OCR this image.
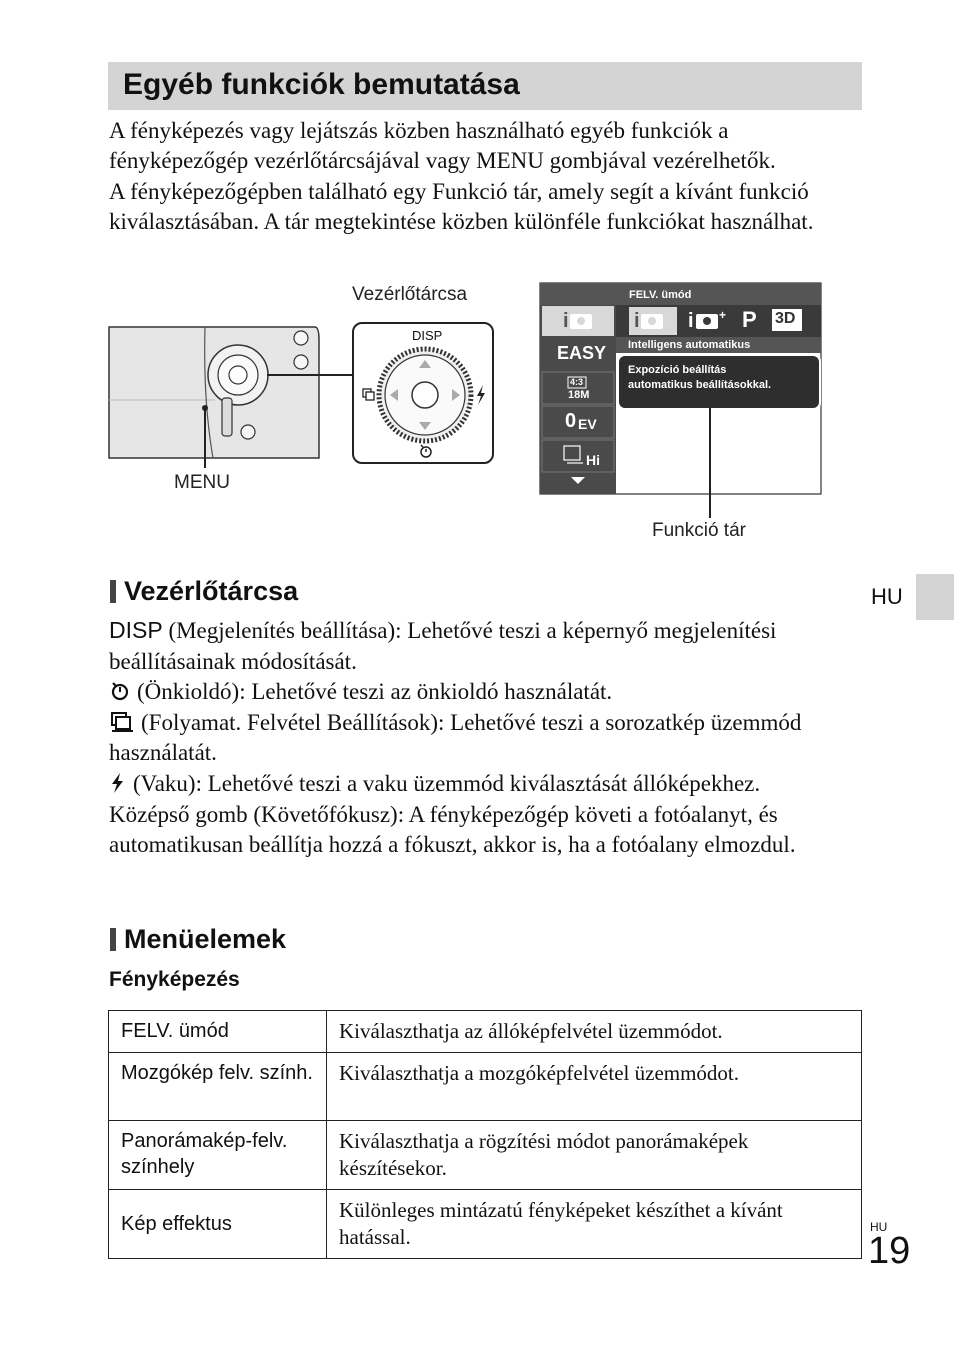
Egyéb funkciók bemutatása

A fényképezés vagy lejátszás közben használható egyéb funkciók a fényképezőgép vezérlőtárcsájával vagy MENU gombjával vezérelhetők.

A fényképezőgépben található egy Funkció tár, amely segít a kívánt funkció kiválasztásában. A tár megtekintése közben különféle funkciókat használhat.

Vezérlőtárcsa
MENU
Funkció tár
DISP
FELV. ümód
i	i i + P 3D
EASY
4:3
18M
0 EV
Hi
Intelligens automatikus
Expozíció beállítás
automatikus beállításokkal.
HU
Vezérlőtárcsa

DISP (Megjelenítés beállítása): Lehetővé teszi a képernyő megjelenítési beállításainak módosítását.

(Önkioldó): Lehetővé teszi az önkioldó használatát.

(Folyamat. Felvétel Beállítások): Lehetővé teszi a sorozatkép üzemmód használatát.

(Vaku): Lehetővé teszi a vaku üzemmód kiválasztását állóképekhez.

Középső gomb (Követőfókusz): A fényképezőgép követi a fotóalanyt, és automatikusan beállítja hozzá a fókuszt, akkor is, ha a fotóalany elmozdul.

Menüelemek
Fényképezés
FELV. ümód	Kiválaszthatja az állóképfelvétel üzemmódot.
Mozgókép felv. szính.	Kiválaszthatja a mozgóképfelvétel üzemmódot.
Panorámakép-felv. színhely	Kiválaszthatja a rögzítési módot panorámaképek készítésekor.
Kép effektus	Különleges mintázatú fényképeket készíthet a kívánt hatással.	HU
19
